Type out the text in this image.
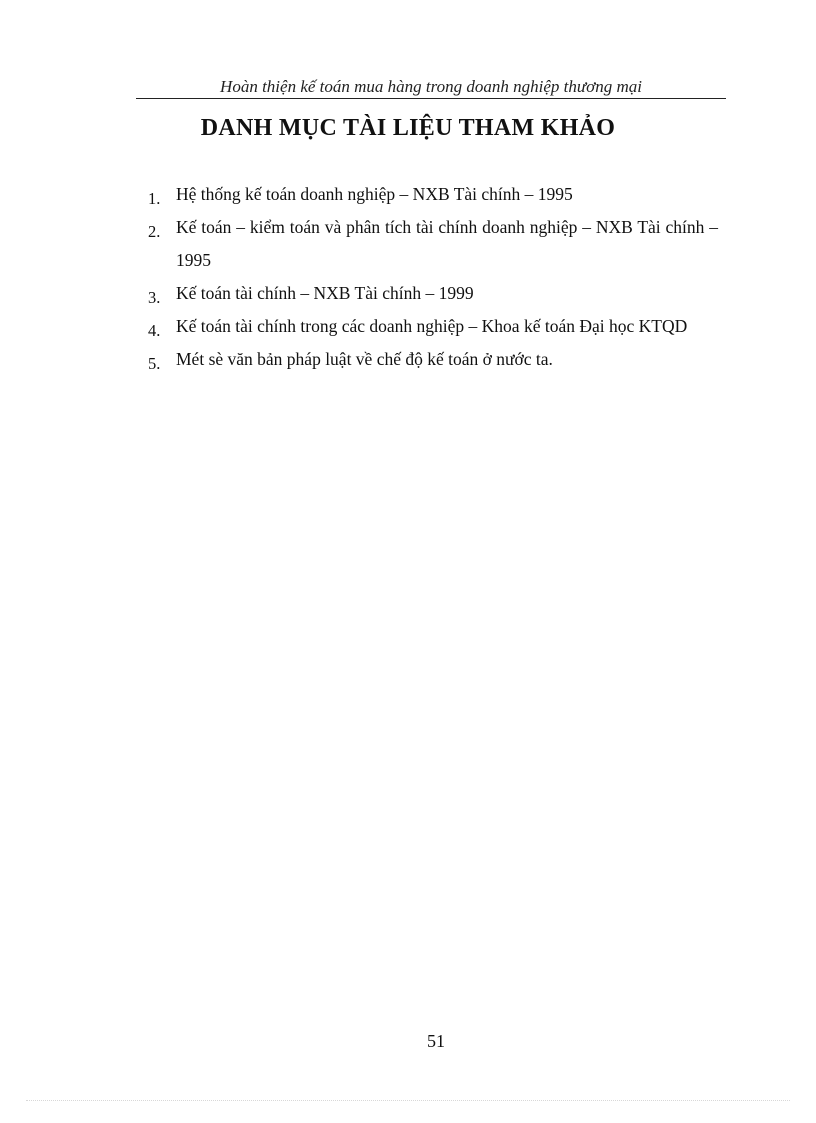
Hoàn thiện kế toán mua hàng trong doanh nghiệp thương mại
DANH MỤC TÀI LIỆU THAM KHẢO
1. Hệ thống kế toán doanh nghiệp – NXB Tài chính – 1995
2. Kế toán – kiểm toán và phân tích tài chính doanh nghiệp – NXB Tài chính – 1995
3. Kế toán tài chính – NXB Tài chính – 1999
4. Kế toán tài chính trong các doanh nghiệp – Khoa kế toán Đại học KTQD
5. Mét sè văn bản pháp luật về chế độ kế toán ở nước ta.
51
